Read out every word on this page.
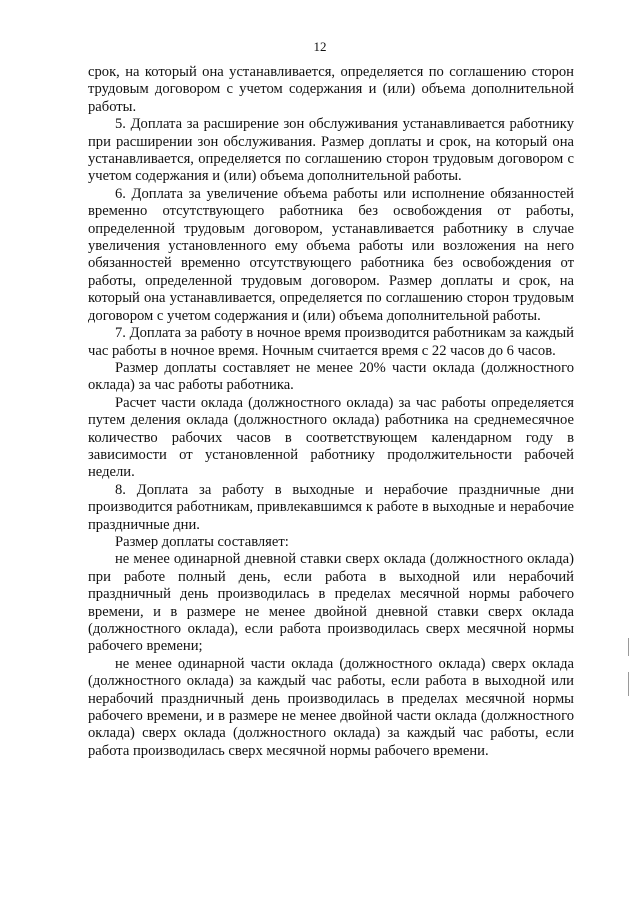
12

срок, на который она устанавливается, определяется по соглашению сторон трудовым договором с учетом содержания и (или) объема дополнительной работы.

5. Доплата за расширение зон обслуживания устанавливается работнику при расширении зон обслуживания. Размер доплаты и срок, на который она устанавливается, определяется по соглашению сторон трудовым договором с учетом содержания и (или) объема дополнительной работы.

6. Доплата за увеличение объема работы или исполнение обязанностей временно отсутствующего работника без освобождения от работы, определенной трудовым договором, устанавливается работнику в случае увеличения установленного ему объема работы или возложения на него обязанностей временно отсутствующего работника без освобождения от работы, определенной трудовым договором. Размер доплаты и срок, на который она устанавливается, определяется по соглашению сторон трудовым договором с учетом содержания и (или) объема дополнительной работы.

7. Доплата за работу в ночное время производится работникам за каждый час работы в ночное время. Ночным считается время с 22 часов до 6 часов.

Размер доплаты составляет не менее 20% части оклада (должностного оклада) за час работы работника.

Расчет части оклада (должностного оклада) за час работы определяется путем деления оклада (должностного оклада) работника на среднемесячное количество рабочих часов в соответствующем календарном году в зависимости от установленной работнику продолжительности рабочей недели.

8. Доплата за работу в выходные и нерабочие праздничные дни производится работникам, привлекавшимся к работе в выходные и нерабочие праздничные дни.

Размер доплаты составляет:

не менее одинарной дневной ставки сверх оклада (должностного оклада) при работе полный день, если работа в выходной или нерабочий праздничный день производилась в пределах месячной нормы рабочего времени, и в размере не менее двойной дневной ставки сверх оклада (должностного оклада), если работа производилась сверх месячной нормы рабочего времени;

не менее одинарной части оклада (должностного оклада) сверх оклада (должностного оклада) за каждый час работы, если работа в выходной или нерабочий праздничный день производилась в пределах месячной нормы рабочего времени, и в размере не менее двойной части оклада (должностного оклада) сверх оклада (должностного оклада) за каждый час работы, если работа производилась сверх месячной нормы рабочего времени.
